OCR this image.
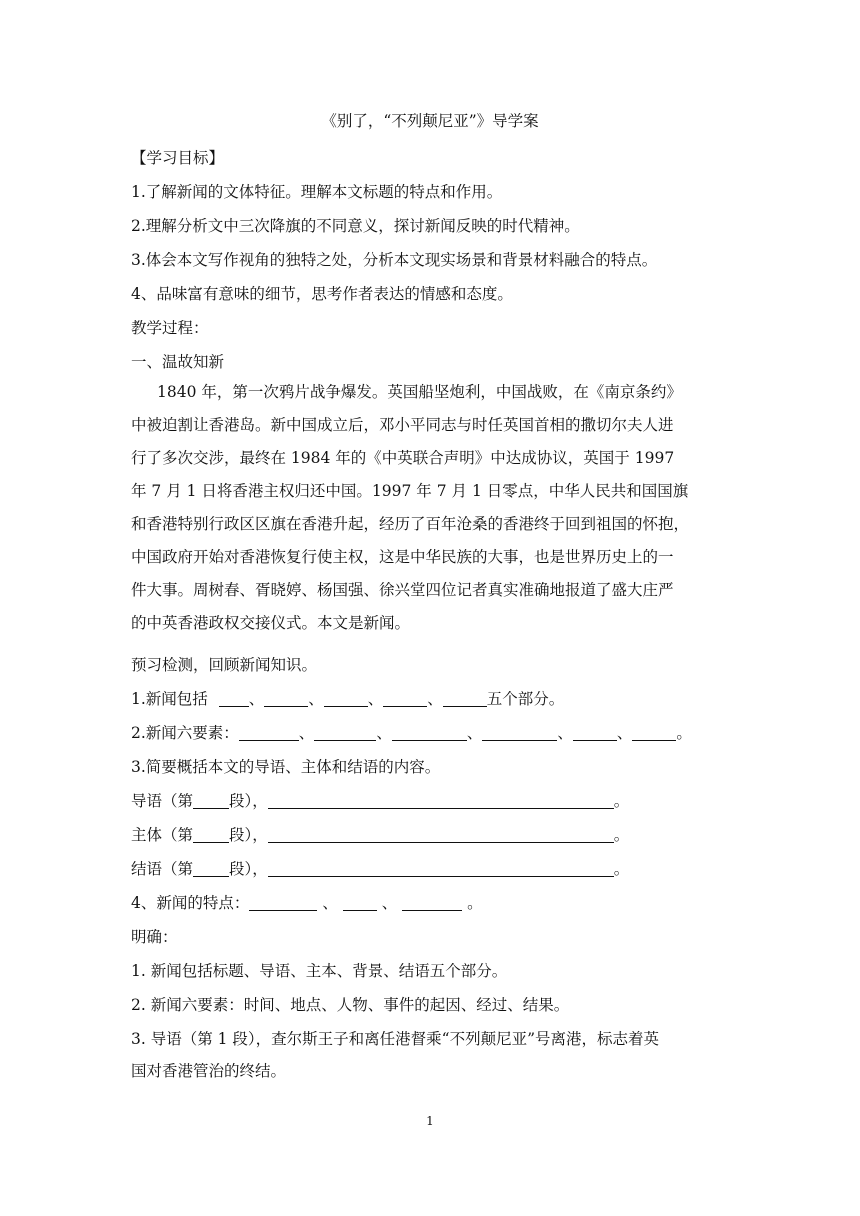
《别了，“不列颠尼亚”》导学案
【学习目标】
1.了解新闻的文体特征。理解本文标题的特点和作用。
2.理解分析文中三次降旗的不同意义，探讨新闻反映的时代精神。
3.体会本文写作视角的独特之处，分析本文现实场景和背景材料融合的特点。
4、品味富有意味的细节，思考作者表达的情感和态度。
教学过程：
一、温故知新
1840 年，第一次鸦片战争爆发。英国船坚炮利，中国战败，在《南京条约》
中被迫割让香港岛。新中国成立后，邓小平同志与时任英国首相的撒切尔夫人进
行了多次交涉，最终在 1984 年的《中英联合声明》中达成协议，英国于 1997
年 7 月 1 日将香港主权归还中国。1997 年 7 月 1 日零点，中华人民共和国国旗
和香港特别行政区区旗在香港升起，经历了百年沧桑的香港终于回到祖国的怀抱，
中国政府开始对香港恢复行使主权，这是中华民族的大事，也是世界历史上的一
件大事。周树春、胥晓婷、杨国强、徐兴堂四位记者真实准确地报道了盛大庄严
的中英香港政权交接仪式。本文是新闻。
预习检测，回顾新闻知识。
1.新闻包括	、	、	、	、	五个部分。
2.新闻六要素：	、	、	、	、	、	。
3.简要概括本文的导语、主体和结语的内容。
导语（第 段），	。
主体（第 段），	。
结语（第 段），	。
4、新闻的特点：	、	、	。
明确：
1. 新闻包括标题、导语、主本、背景、结语五个部分。
2. 新闻六要素：时间、地点、人物、事件的起因、经过、结果。
3. 导语（第 1 段），查尔斯王子和离任港督乘“不列颠尼亚”号离港，标志着英
国对香港管治的终结。
1
